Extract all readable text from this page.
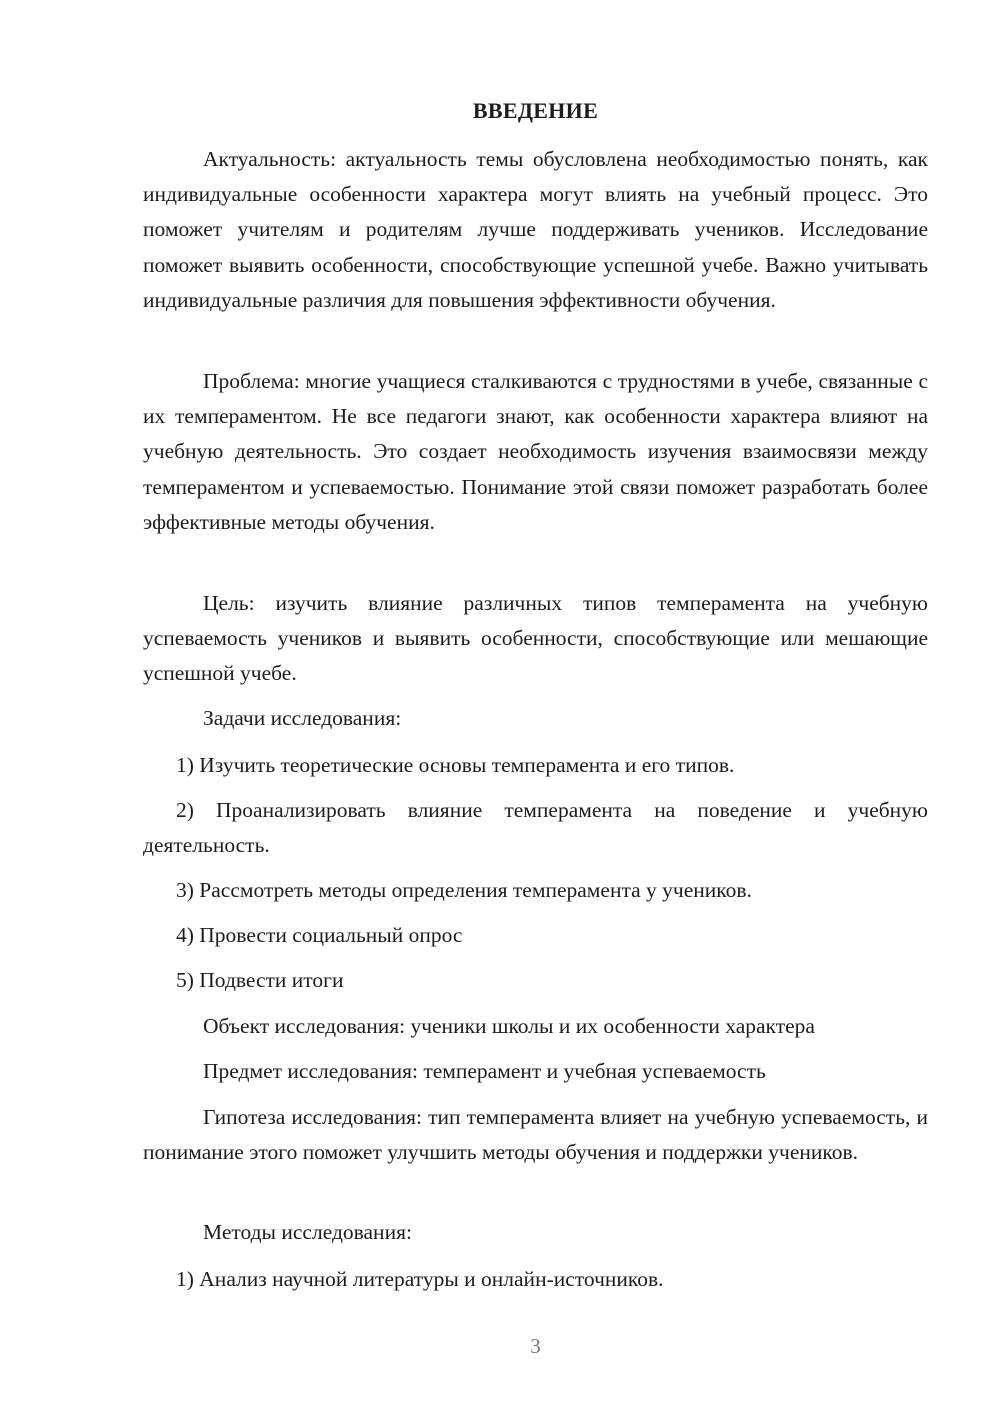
ВВЕДЕНИЕ

Актуальность: актуальность темы обусловлена необходимостью понять, как индивидуальные особенности характера могут влиять на учебный процесс. Это поможет учителям и родителям лучше поддерживать учеников. Исследование поможет выявить особенности, способствующие успешной учебе. Важно учитывать индивидуальные различия для повышения эффективности обучения.

Проблема: многие учащиеся сталкиваются с трудностями в учебе, связанные с их темпераментом. Не все педагоги знают, как особенности характера влияют на учебную деятельность. Это создает необходимость изучения взаимосвязи между темпераментом и успеваемостью. Понимание этой связи поможет разработать более эффективные методы обучения.

Цель: изучить влияние различных типов темперамента на учебную успеваемость учеников и выявить особенности, способствующие или мешающие успешной учебе.

Задачи исследования:

1) Изучить теоретические основы темперамента и его типов.

2) Проанализировать влияние темперамента на поведение и учебную деятельность.

3) Рассмотреть методы определения темперамента у учеников.

4) Провести социальный опрос

5) Подвести итоги

Объект исследования: ученики школы и их особенности характера

Предмет исследования: темперамент и учебная успеваемость

Гипотеза исследования: тип темперамента влияет на учебную успеваемость, и понимание этого поможет улучшить методы обучения и поддержки учеников.

Методы исследования:

1) Анализ научной литературы и онлайн-источников.

3
